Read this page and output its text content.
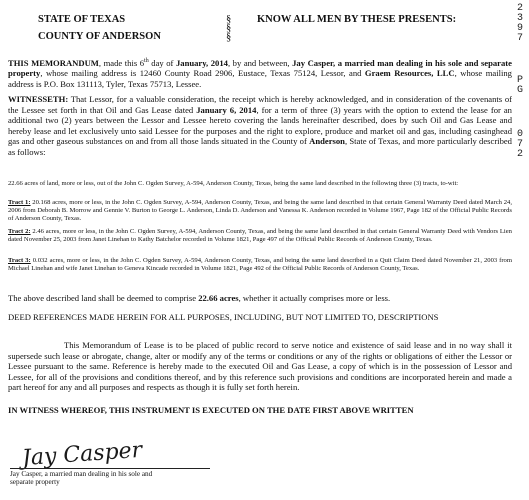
STATE OF TEXAS
COUNTY OF ANDERSON
§
§
§
KNOW ALL MEN BY THESE PRESENTS:
2
3
9
7
P
G
0
7
2
THIS MEMORANDUM, made this 6th day of January, 2014, by and between, Jay Casper, a married man dealing in his sole and separate property, whose mailing address is 12460 County Road 2906, Eustace, Texas 75124, Lessor, and Graem Resources, LLC, whose mailing address is P.O. Box 131113, Tyler, Texas 75713, Lessee.
WITNESSETH: That Lessor, for a valuable consideration, the receipt which is hereby acknowledged, and in consideration of the covenants of the Lessee set forth in that Oil and Gas Lease dated January 6, 2014, for a term of three (3) years with the option to extend the lease for an additional two (2) years between the Lessor and Lessee hereto covering the lands hereinafter described, does by such Oil and Gas Lease and hereby lease and let exclusively unto said Lessee for the purposes and the right to explore, produce and market oil and gas, including casinghead gas and other gaseous substances on and from all those lands situated in the County of Anderson, State of Texas, and more particularly described as follows:
22.66 acres of land, more or less, out of the John C. Ogden Survey, A-594, Anderson County, Texas, being the same land described in the following three (3) tracts, to-wit:
Tract 1: 20.168 acres, more or less, in the John C. Ogden Survey, A-594, Anderson County, Texas, and being the same land described in that certain General Warranty Deed dated March 24, 2006 from Deborah B. Morrow and Gennie V. Burton to George L. Anderson, Linda D. Anderson and Vanessa K. Anderson recorded in Volume 1967, Page 182 of the Official Public Records of Anderson County, Texas.
Tract 2: 2.46 acres, more or less, in the John C. Ogden Survey, A-594, Anderson County, Texas, and being the same land described in that certain General Warranty Deed with Vendors Lien dated November 25, 2003 from Janet Linehan to Kathy Batchelor recorded in Volume 1821, Page 497 of the Official Public Records of Anderson County, Texas.
Tract 3: 0.032 acres, more or less, in the John C. Ogden Survey, A-594, Anderson County, Texas, and being the same land described in a Quit Claim Deed dated November 21, 2003 from Michael Linehan and wife Janet Linehan to Geneva Kincade recorded in Volume 1821, Page 492 of the Official Public Records of Anderson County, Texas.
The above described land shall be deemed to comprise 22.66 acres, whether it actually comprises more or less.
DEED REFERENCES MADE HEREIN FOR ALL PURPOSES, INCLUDING, BUT NOT LIMITED TO, DESCRIPTIONS
This Memorandum of Lease is to be placed of public record to serve notice and existence of said lease and in no way shall it supersede such lease or abrogate, change, alter or modify any of the terms or conditions or any of the rights or obligations of either the Lessor or Lessee pursuant to the same. Reference is hereby made to the executed Oil and Gas Lease, a copy of which is in the possession of Lessor and Lessee, for all of the provisions and conditions thereof, and by this reference such provisions and conditions are incorporated herein and made a part hereof for any and all purposes and respects as though it is fully set forth herein.
IN WITNESS WHEREOF, THIS INSTRUMENT IS EXECUTED ON THE DATE FIRST ABOVE WRITTEN
Jay Casper
Jay Casper, a married man dealing in his sole and
separate property
